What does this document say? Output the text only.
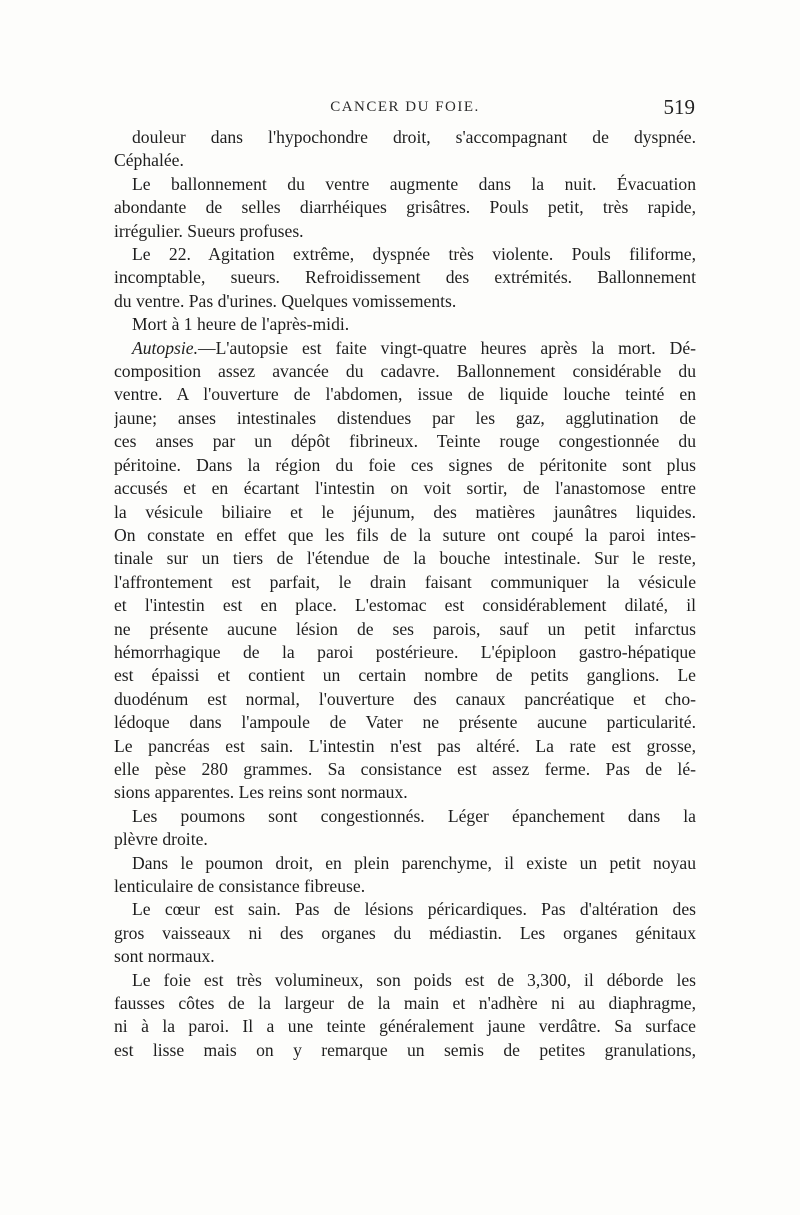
CANCER DU FOIE.	519
douleur dans l'hypochondre droit, s'accompagnant de dyspnée.
Céphalée.
Le ballonnement du ventre augmente dans la nuit. Évacuation
abondante de selles diarrhéiques grisâtres. Pouls petit, très rapide,
irrégulier. Sueurs profuses.
Le 22. Agitation extrême, dyspnée très violente. Pouls filiforme,
incomptable, sueurs. Refroidissement des extrémités. Ballonnement
du ventre. Pas d'urines. Quelques vomissements.
Mort à 1 heure de l'après-midi.
Autopsie.—L'autopsie est faite vingt-quatre heures après la mort. Dé-
composition assez avancée du cadavre. Ballonnement considérable du
ventre. A l'ouverture de l'abdomen, issue de liquide louche teinté en
jaune; anses intestinales distendues par les gaz, agglutination de
ces anses par un dépôt fibrineux. Teinte rouge congestionnée du
péritoine. Dans la région du foie ces signes de péritonite sont plus
accusés et en écartant l'intestin on voit sortir, de l'anastomose entre
la vésicule biliaire et le jéjunum, des matières jaunâtres liquides.
On constate en effet que les fils de la suture ont coupé la paroi intes-
tinale sur un tiers de l'étendue de la bouche intestinale. Sur le reste,
l'affrontement est parfait, le drain faisant communiquer la vésicule
et l'intestin est en place. L'estomac est considérablement dilaté, il
ne présente aucune lésion de ses parois, sauf un petit infarctus
hémorrhagique de la paroi postérieure. L'épiploon gastro-hépatique
est épaissi et contient un certain nombre de petits ganglions. Le
duodénum est normal, l'ouverture des canaux pancréatique et cho-
lédoque dans l'ampoule de Vater ne présente aucune particularité.
Le pancréas est sain. L'intestin n'est pas altéré. La rate est grosse,
elle pèse 280 grammes. Sa consistance est assez ferme. Pas de lé-
sions apparentes. Les reins sont normaux.
Les poumons sont congestionnés. Léger épanchement dans la
plèvre droite.
Dans le poumon droit, en plein parenchyme, il existe un petit noyau
lenticulaire de consistance fibreuse.
Le cœur est sain. Pas de lésions péricardiques. Pas d'altération des
gros vaisseaux ni des organes du médiastin. Les organes génitaux
sont normaux.
Le foie est très volumineux, son poids est de 3,300, il déborde les
fausses côtes de la largeur de la main et n'adhère ni au diaphragme,
ni à la paroi. Il a une teinte généralement jaune verdâtre. Sa surface
est lisse mais on y remarque un semis de petites granulations,
